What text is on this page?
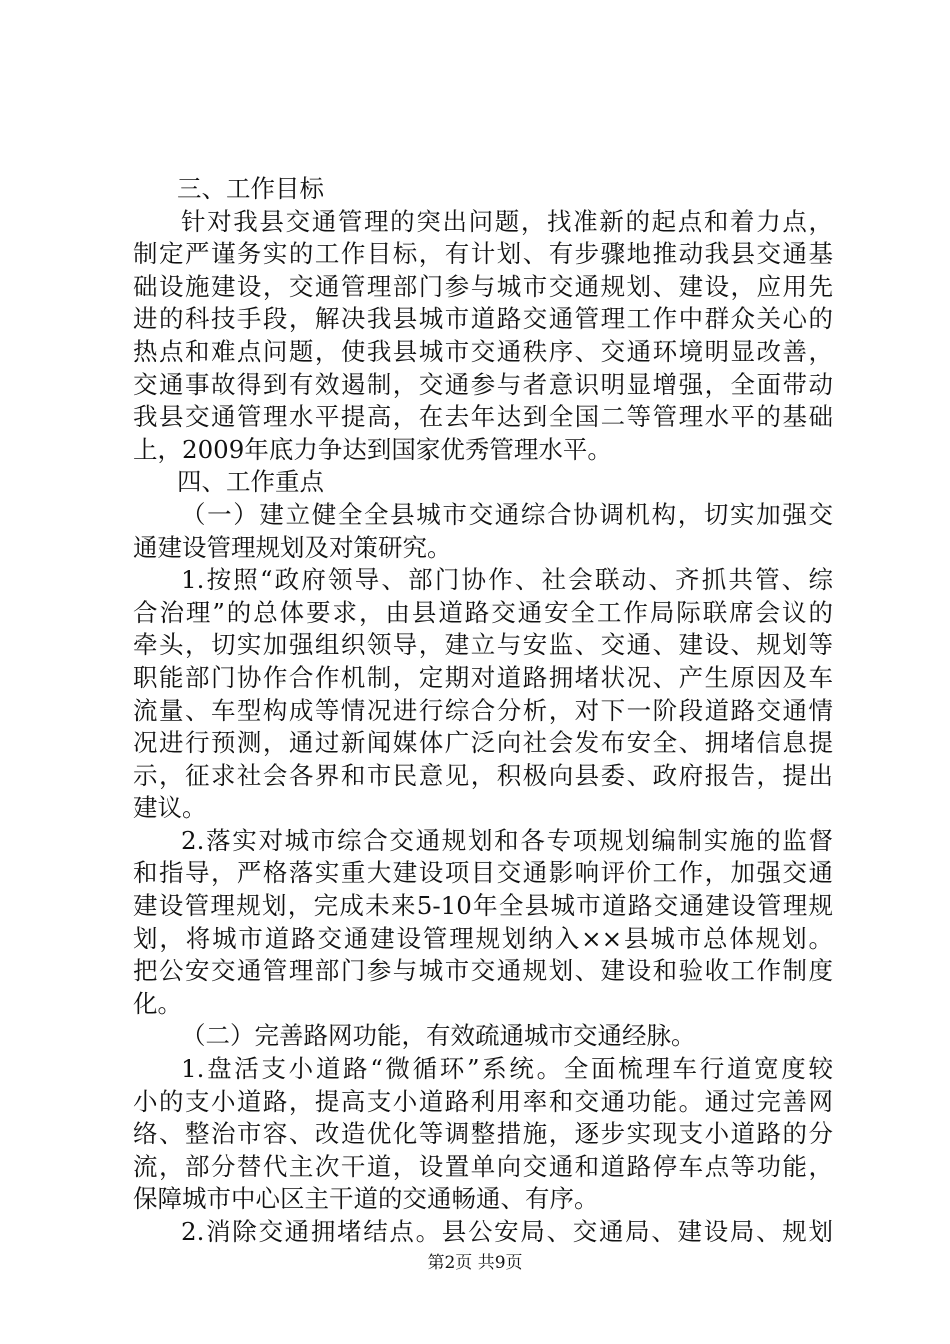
三、工作目标
针对我县交通管理的突出问题，找准新的起点和着力点，
制定严谨务实的工作目标，有计划、有步骤地推动我县交通基
础设施建设，交通管理部门参与城市交通规划、建设，应用先
进的科技手段，解决我县城市道路交通管理工作中群众关心的
热点和难点问题，使我县城市交通秩序、交通环境明显改善，
交通事故得到有效遏制，交通参与者意识明显增强，全面带动
我县交通管理水平提高，在去年达到全国二等管理水平的基础
上，2009年底力争达到国家优秀管理水平。
四、工作重点
（一）建立健全全县城市交通综合协调机构，切实加强交
通建设管理规划及对策研究。
1.按照“政府领导、部门协作、社会联动、齐抓共管、综
合治理”的总体要求，由县道路交通安全工作局际联席会议的
牵头，切实加强组织领导，建立与安监、交通、建设、规划等
职能部门协作合作机制，定期对道路拥堵状况、产生原因及车
流量、车型构成等情况进行综合分析，对下一阶段道路交通情
况进行预测，通过新闻媒体广泛向社会发布安全、拥堵信息提
示，征求社会各界和市民意见，积极向县委、政府报告，提出
建议。
2.落实对城市综合交通规划和各专项规划编制实施的监督
和指导，严格落实重大建设项目交通影响评价工作，加强交通
建设管理规划，完成未来5-10年全县城市道路交通建设管理规
划，将城市道路交通建设管理规划纳入××县城市总体规划。
把公安交通管理部门参与城市交通规划、建设和验收工作制度
化。
（二）完善路网功能，有效疏通城市交通经脉。
1.盘活支小道路“微循环”系统。全面梳理车行道宽度较
小的支小道路，提高支小道路利用率和交通功能。通过完善网
络、整治市容、改造优化等调整措施，逐步实现支小道路的分
流，部分替代主次干道，设置单向交通和道路停车点等功能，
保障城市中心区主干道的交通畅通、有序。
2.消除交通拥堵结点。县公安局、交通局、建设局、规划
第2页 共9页
